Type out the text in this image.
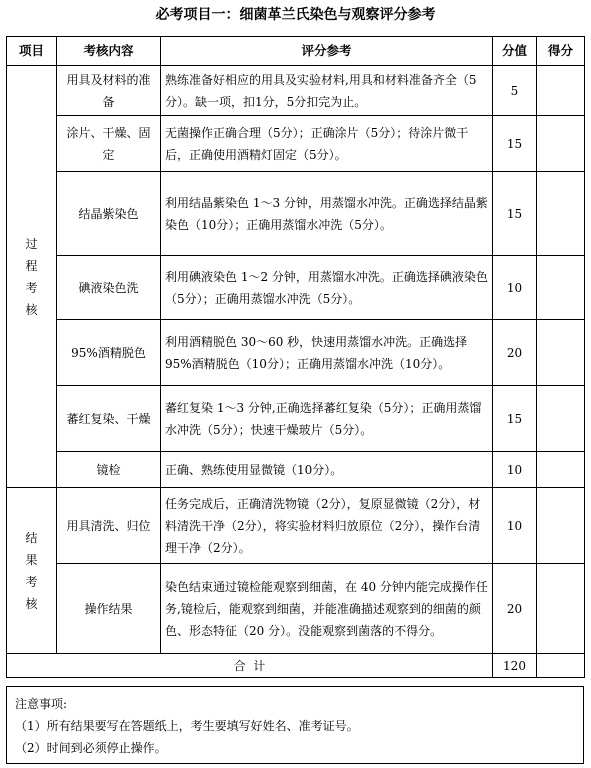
必考项目一：细菌革兰氏染色与观察评分参考
项目	考核内容	评分参考	分值	得分

过
程
考
核	用具及材料的准备	熟练准备好相应的用具及实验材料,用具和材料准备齐全（5分）。缺一项，扣1分，5分扣完为止。	5	
	涂片、干燥、固定	无菌操作正确合理（5分）；正确涂片（5分）；待涂片微干后，正确使用酒精灯固定（5分）。	15	
	结晶紫染色	利用结晶紫染色 1～3 分钟，用蒸馏水冲洗。正确选择结晶紫染色（10分）；正确用蒸馏水冲洗（5分）。	15	
	碘液染色洗	利用碘液染色 1～2 分钟，用蒸馏水冲洗。正确选择碘液染色（5分）；正确用蒸馏水冲洗（5分）。	10	
	95%酒精脱色	利用酒精脱色 30～60 秒，快速用蒸馏水冲洗。正确选择95%酒精脱色（10分）；正确用蒸馏水冲洗（10分）。	20	
	蕃红复染、干燥	蕃红复染 1～3 分钟,正确选择蕃红复染（5分）；正确用蒸馏水冲洗（5分）；快速干燥玻片（5分）。	15	
	镜检	正确、熟练使用显微镜（10分）。	10	

结
果
考
核	用具清洗、归位	任务完成后，正确清洗物镜（2分），复原显微镜（2分），材料清洗干净（2分），将实验材料归放原位（2分），操作台清理干净（2分）。	10	
	操作结果	染色结束通过镜检能观察到细菌，在 40 分钟内能完成操作任务,镜检后，能观察到细菌，并能准确描述观察到的细菌的颜色、形态特征（20 分）。没能观察到菌落的不得分。	20	
合  计			120	
注意事项:
（1）所有结果要写在答题纸上，考生要填写好姓名、准考证号。
（2）时间到必须停止操作。
